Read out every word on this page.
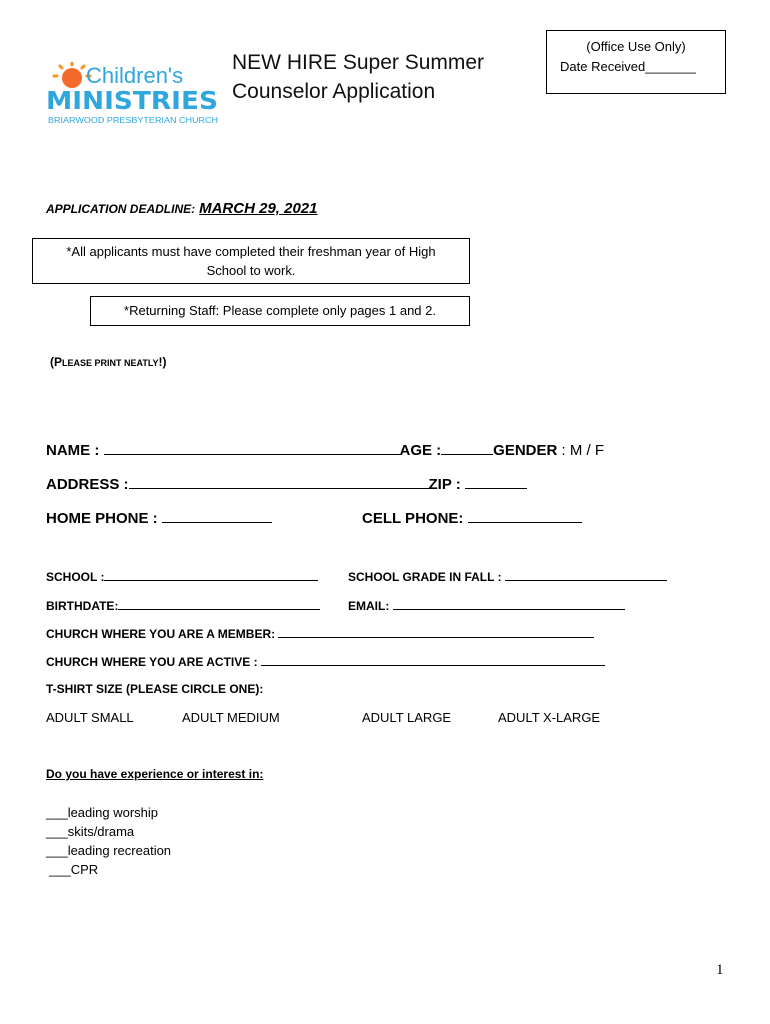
Children's
MINISTRIES
BRIARWOOD PRESBYTERIAN CHURCH
NEW HIRE Super Summer
Counselor Application
(Office Use Only)
Date Received_______
APPLICATION DEADLINE: MARCH 29, 2021
*All applicants must have completed their freshman year of High School to work.
*Returning Staff: Please complete only pages 1 and 2.
(PLEASE PRINT NEATLY!)
NAME :	AGE :	GENDER : M / F
ADDRESS :	ZIP :
HOME PHONE :	CELL PHONE:
SCHOOL :	SCHOOL GRADE IN FALL :
BIRTHDATE:	EMAIL:
CHURCH WHERE YOU ARE A MEMBER:
CHURCH WHERE YOU ARE ACTIVE :
T-SHIRT SIZE (PLEASE CIRCLE ONE):
ADULT SMALL	ADULT MEDIUM	ADULT LARGE	ADULT X-LARGE
Do you have experience or interest in:
___leading worship
___skits/drama
___leading recreation
___CPR
1
